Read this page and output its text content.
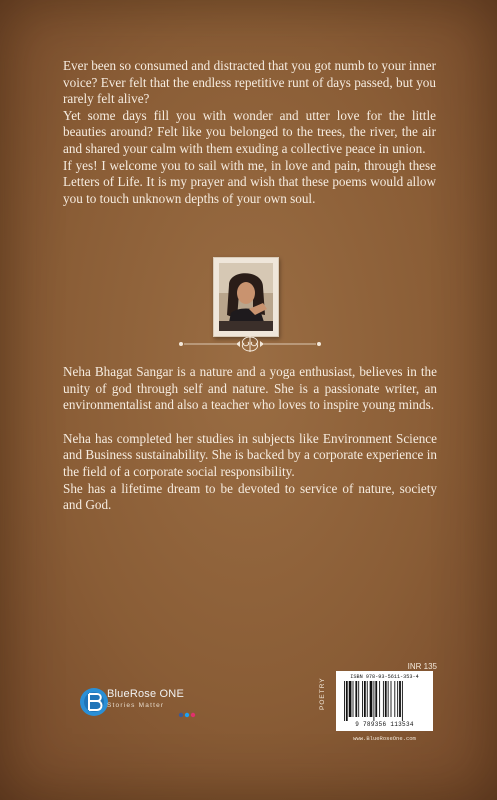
Ever been so consumed and distracted that you got numb to your inner voice? Ever felt that the endless repetitive runt of days passed, but you rarely felt alive?

Yet some days fill you with wonder and utter love for the little beauties around? Felt like you belonged to the trees, the river, the air and shared your calm with them exuding a collective peace in union.

If yes! I welcome you to sail with me, in love and pain, through these Letters of Life. It is my prayer and wish that these poems would allow you to touch unknown depths of your own soul.

Neha Bhagat Sangar is a nature and a yoga enthusiast, believes in the unity of god through self and nature. She is a passionate writer, an environmentalist and also a teacher who loves to inspire young minds.

Neha has completed her studies in subjects like Environment Science and Business sustainability. She is backed by a corporate experience in the field of a corporate social responsibility.

She has a lifetime dream to be devoted to service of nature, society and God.

BlueRose ONE
Stories Matter
INR 135
POETRY
ISBN 978-93-5611-353-4
9 789356 113534
www.BlueRoseOne.com
